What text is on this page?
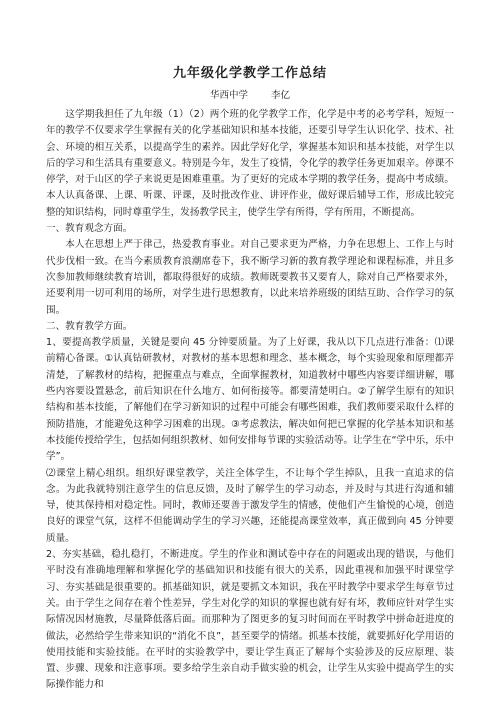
九年级化学教学工作总结
华西中学 李亿

这学期我担任了九年级（1）（2）两个班的化学教学工作，化学是中考的必考学科，短短一年的教学不仅要求学生掌握有关的化学基础知识和基本技能，还要引导学生认识化学、技术、社会、环境的相互关系，以提高学生的素养。因此学好化学，掌握基本知识和基本技能，对学生以后的学习和生活具有重要意义。特别是今年，发生了疫情，令化学的教学任务更加艰辛。停课不停学，对于山区的学子来说更是困难重重。为了更好的完成本学期的教学任务，提高中考成绩。本人认真备课、上课、听课、评课，及时批改作业、讲评作业，做好课后辅导工作，形成比较完整的知识结构，同时尊重学生，发扬教学民主，使学生学有所得，学有所用，不断提高。

一、教育观念方面。

本人在思想上严于律己，热爱教育事业。对自己要求更为严格，力争在思想上、工作上与时代步伐相一致。在当今素质教育浪潮席卷下，我不断学习新的教育教学理论和课程标准，并且多次参加教师继续教育培训，都取得很好的成绩。教师既要教书又要育人，除对自己严格要求外，还要利用一切可利用的场所，对学生进行思想教育，以此来培养班级的团结互助、合作学习的氛围。

二、教育教学方面。

1、要提高教学质量，关键是要向 45 分钟要质量。为了上好课，我从以下几点进行准备：⑴课前精心备课。①认真钻研教材，对教材的基本思想和理念、基本概念，每个实验现象和原理都弄清楚，了解教材的结构，把握重点与难点，全面掌握教材，知道教材中哪些内容要详细讲解，哪些内容要设置悬念，前后知识在什么地方、如何衔接等。都要清楚明白。②了解学生原有的知识结构和基本技能，了解他们在学习新知识的过程中可能会有哪些困难，我们教师要采取什么样的预防措施，才能避免这种学习困难的出现。③考虑教法，解决如何把已掌握的化学基本知识和基本技能传授给学生，包括如何组织教材、如何安排每节课的实验活动等。让学生在“学中乐，乐中学”。

⑵课堂上精心组织。组织好课堂教学，关注全体学生，不让每个学生掉队，且我一直追求的信念。为此我就特别注意学生的信息反馈，及时了解学生的学习动态，并及时与其进行沟通和辅导，使其保持相对稳定性。同时，教师还要善于激发学生的情感，使他们产生愉悦的心境，创造良好的课堂气氛，这样不但能调动学生的学习兴趣，还能提高课堂效率，真正做到向 45 分钟要质量。

2、夯实基础，稳扎稳打，不断进度。学生的作业和测试卷中存在的问题或出现的错误，与他们平时没有准确地理解和掌握化学的基础知识和技能有很大的关系，因此重视和加强平时课堂学习、夯实基础是很重要的。抓基础知识，就是要抓文本知识，我在平时教学中要求学生每章节过关。由于学生之间存在着个性差异，学生对化学的知识的掌握也就有好有坏，教师应针对学生实际情况因材施教，尽量降低落后面。而那种为了图更多的复习时间而在平时教学中拼命赶进度的做法，必然给学生带来知识的“消化不良”，甚至要学的情绪。抓基本技能，就要抓好化学用语的使用技能和实验技能。在平时的实验教学中，要让学生真正了解每个实验涉及的反应原理、装置、步骤、现象和注意事项。要多给学生亲自动手做实验的机会，让学生从实验中提高学生的实际操作能力和
